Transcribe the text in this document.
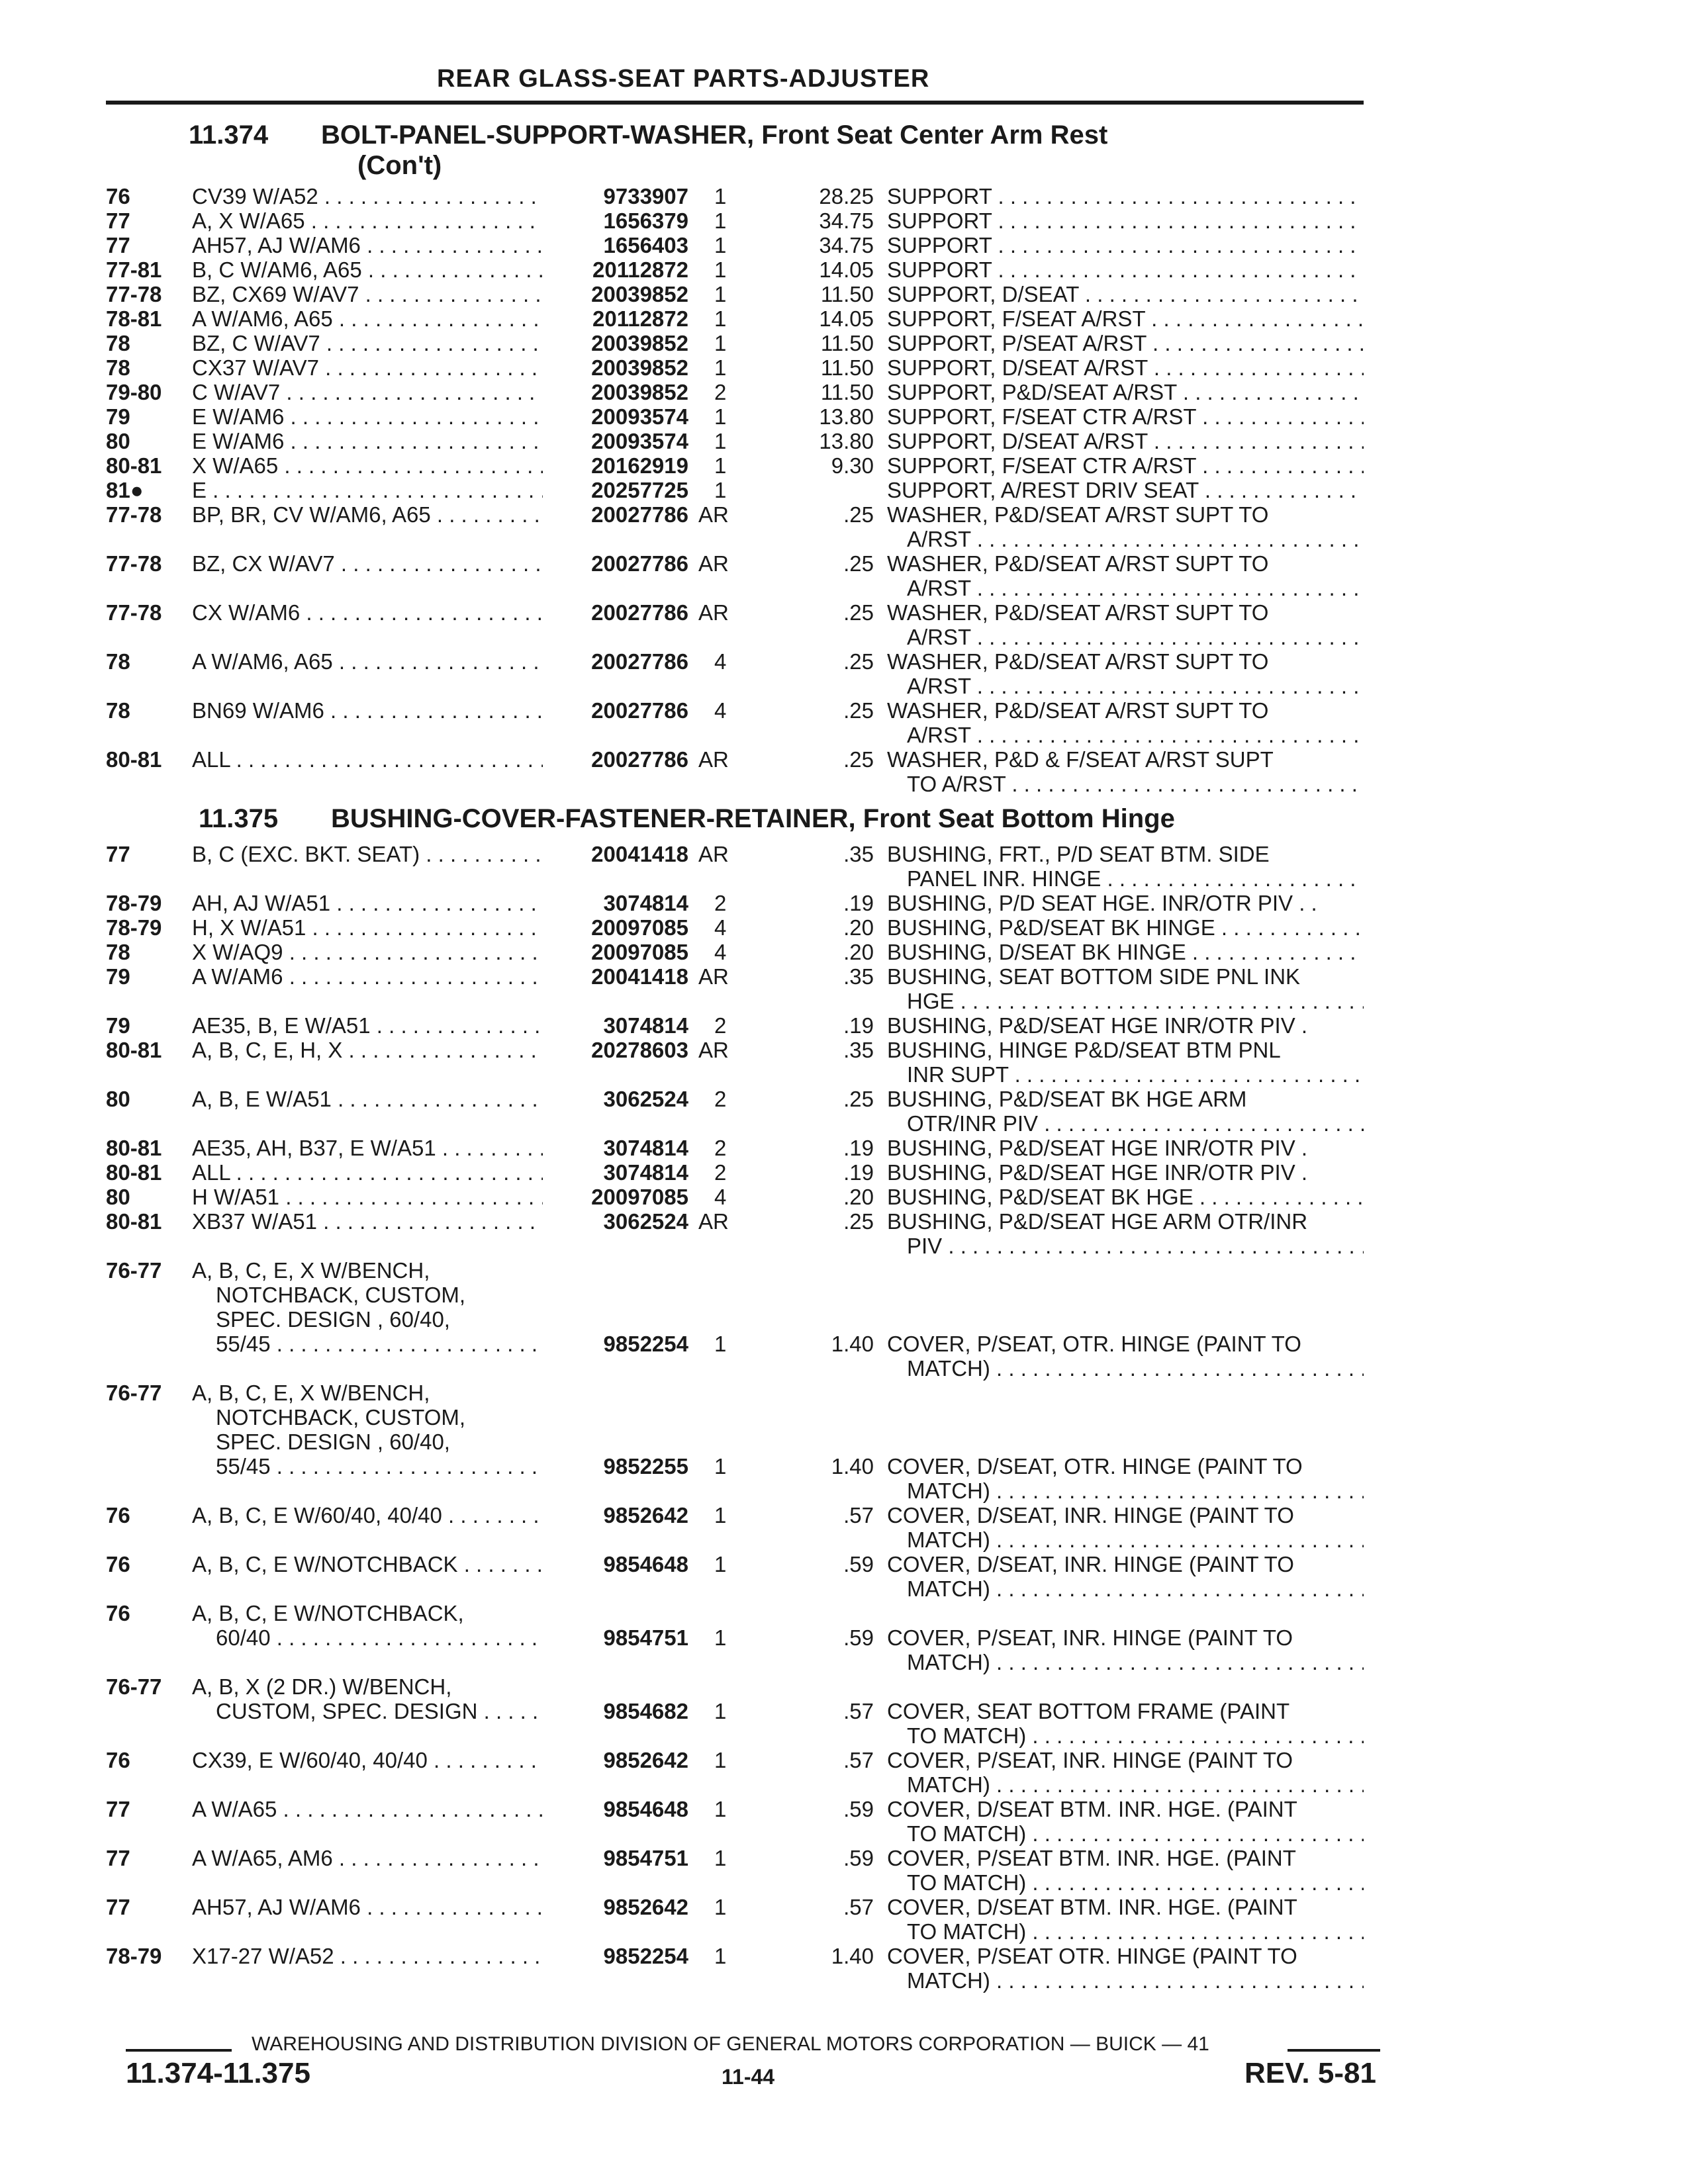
REAR GLASS-SEAT PARTS-ADJUSTER
11.374 BOLT-PANEL-SUPPORT-WASHER, Front Seat Center Arm Rest
(Con't)
76	CV39 W/A52 . . .	9733907	1	28.25 SUPPORT . . .
77	A, X W/A65 . . .	1656379	1	34.75 SUPPORT . . .
77	AH57, AJ W/AM6 . . .	1656403	1	34.75 SUPPORT . . .
77-81 B, C W/AM6, A65 . . .	20112872	1	14.05 SUPPORT . . .
77-78 BZ, CX69 W/AV7 . . .	20039852	1	11.50 SUPPORT, D/SEAT . . .
78-81 A W/AM6, A65 . . .	20112872	1	14.05 SUPPORT, F/SEAT A/RST . . .
78	BZ, C W/AV7 . . .	20039852	1	11.50 SUPPORT, P/SEAT A/RST . . .
78	CX37 W/AV7 . . .	20039852	1	11.50 SUPPORT, D/SEAT A/RST . . .
79-80 C W/AV7 . . .	20039852	2	11.50 SUPPORT, P&D/SEAT A/RST . . .
79	E W/AM6 . . .	20093574	1	13.80 SUPPORT, F/SEAT CTR A/RST . . .
80	E W/AM6 . . .	20093574	1	13.80 SUPPORT, D/SEAT A/RST . . .
80-81 X W/A65 . . .	20162919	1	9.30 SUPPORT, F/SEAT CTR A/RST . . .
81● E . . .	20257725	1	SUPPORT, A/REST DRIV SEAT . . .
77-78 BP, BR, CV W/AM6, A65 . . .	20027786 AR	.25 WASHER, P&D/SEAT A/RST SUPT TO
A/RST . . .
77-78 BZ, CX W/AV7 . . .	20027786 AR	.25 WASHER, P&D/SEAT A/RST SUPT TO
A/RST . . .
77-78 CX W/AM6 . . .	20027786 AR	.25 WASHER, P&D/SEAT A/RST SUPT TO
A/RST . . .
78	A W/AM6, A65 . . .	20027786	4	.25 WASHER, P&D/SEAT A/RST SUPT TO
A/RST . . .
78	BN69 W/AM6 . . .	20027786	4	.25 WASHER, P&D/SEAT A/RST SUPT TO
A/RST . . .
80-81 ALL . . .	20027786 AR	.25 WASHER, P&D & F/SEAT A/RST SUPT
TO A/RST . . .
11.375 BUSHING-COVER-FASTENER-RETAINER, Front Seat Bottom Hinge
77	B, C (EXC. BKT. SEAT) . . .	20041418 AR	.35 BUSHING, FRT., P/D SEAT BTM. SIDE
PANEL INR. HINGE . . .
78-79 AH, AJ W/A51 . . .	3074814	2	.19 BUSHING, P/D SEAT HGE. INR/OTR PIV . .
78-79 H, X W/A51 . . .	20097085	4	.20 BUSHING, P&D/SEAT BK HINGE . . .
78	X W/AQ9 . . .	20097085	4	.20 BUSHING, D/SEAT BK HINGE . . .
79	A W/AM6 . . .	20041418 AR	.35 BUSHING, SEAT BOTTOM SIDE PNL INK
HGE . . .
79	AE35, B, E W/A51 . . .	3074814	2	.19 BUSHING, P&D/SEAT HGE INR/OTR PIV .
80-81 A, B, C, E, H, X . . .	20278603 AR	.35 BUSHING, HINGE P&D/SEAT BTM PNL
INR SUPT . . .
80	A, B, E W/A51 . . .	3062524	2	.25 BUSHING, P&D/SEAT BK HGE ARM
OTR/INR PIV . . .
80-81 AE35, AH, B37, E W/A51 . . .	3074814	2	.19 BUSHING, P&D/SEAT HGE INR/OTR PIV .
80-81 ALL . . .	3074814	2	.19 BUSHING, P&D/SEAT HGE INR/OTR PIV .
80	H W/A51 . . .	20097085	4	.20 BUSHING, P&D/SEAT BK HGE . . .
80-81 XB37 W/A51 . . .	3062524 AR	.25 BUSHING, P&D/SEAT HGE ARM OTR/INR
PIV . . .
76-77 A, B, C, E, X W/BENCH,
NOTCHBACK, CUSTOM,
SPEC. DESIGN , 60/40,
55/45 . . .	9852254	1	1.40 COVER, P/SEAT, OTR. HINGE (PAINT TO
MATCH) . . .
76-77 A, B, C, E, X W/BENCH,
NOTCHBACK, CUSTOM,
SPEC. DESIGN , 60/40,
55/45 . . .	9852255	1	1.40 COVER, D/SEAT, OTR. HINGE (PAINT TO
MATCH) . . .
76	A, B, C, E W/60/40, 40/40 . . .	9852642	1	.57 COVER, D/SEAT, INR. HINGE (PAINT TO
MATCH) . . .
76	A, B, C, E W/NOTCHBACK . . .	9854648	1	.59 COVER, D/SEAT, INR. HINGE (PAINT TO
MATCH) . . .
76	A, B, C, E W/NOTCHBACK,
60/40 . . .	9854751	1	.59 COVER, P/SEAT, INR. HINGE (PAINT TO
MATCH) . . .
76-77 A, B, X (2 DR.) W/BENCH,
CUSTOM, SPEC. DESIGN . . .	9854682	1	.57 COVER, SEAT BOTTOM FRAME (PAINT
TO MATCH) . . .
76	CX39, E W/60/40, 40/40 . . .	9852642	1	.57 COVER, P/SEAT, INR. HINGE (PAINT TO
MATCH) . . .
77	A W/A65 . . .	9854648	1	.59 COVER, D/SEAT BTM. INR. HGE. (PAINT
TO MATCH) . . .
77	A W/A65, AM6 . . .	9854751	1	.59 COVER, P/SEAT BTM. INR. HGE. (PAINT
TO MATCH) . . .
77	AH57, AJ W/AM6 . . .	9852642	1	.57 COVER, D/SEAT BTM. INR. HGE. (PAINT
TO MATCH) . . .
78-79 X17-27 W/A52 . . .	9852254	1	1.40 COVER, P/SEAT OTR. HINGE (PAINT TO
MATCH) . . .
WAREHOUSING AND DISTRIBUTION DIVISION OF GENERAL MOTORS CORPORATION — BUICK — 41
11.374-11.375	11-44	REV. 5-81
